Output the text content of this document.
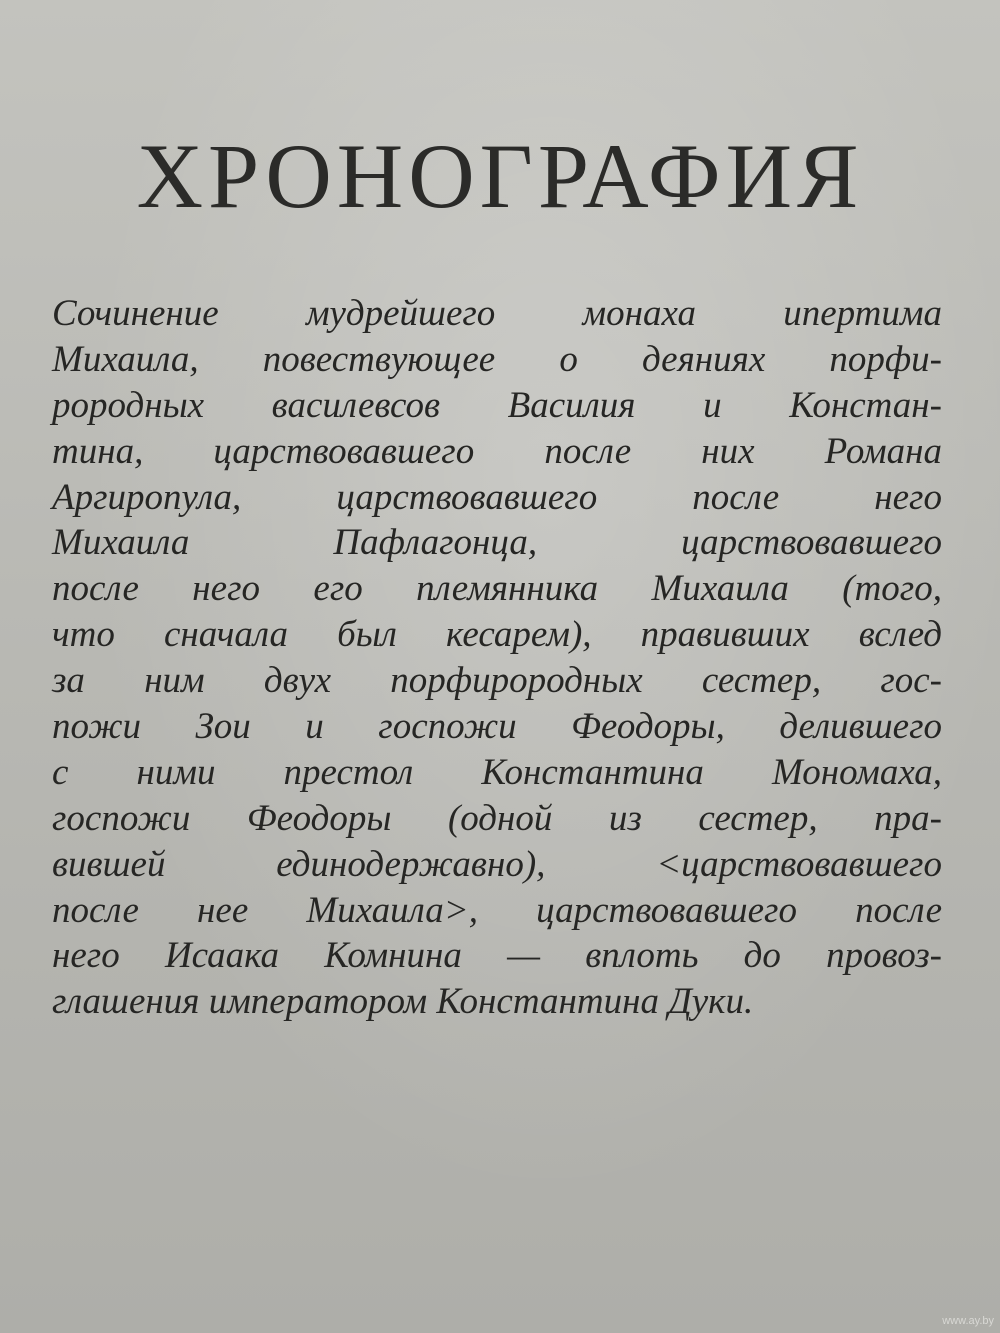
ХРОНОГРАФИЯ
Сочинение мудрейшего монаха ипертима
Михаила, повествующее о деяниях порфи-
рородных василевсов Василия и Констан-
тина, царствовавшего после них Романа
Аргиропула, царствовавшего после него
Михаила Пафлагонца, царствовавшего
после него его племянника Михаила (того,
что сначала был кесарем), правивших вслед
за ним двух порфирородных сестер, гос-
пожи Зои и госпожи Феодоры, делившего
с ними престол Константина Мономаха,
госпожи Феодоры (одной из сестер, пра-
вившей единодержавно), <царствовавшего
после нее Михаила>, царствовавшего после
него Исаака Комнина — вплоть до провоз-
глашения императором Константина Дуки.
www.ay.by
